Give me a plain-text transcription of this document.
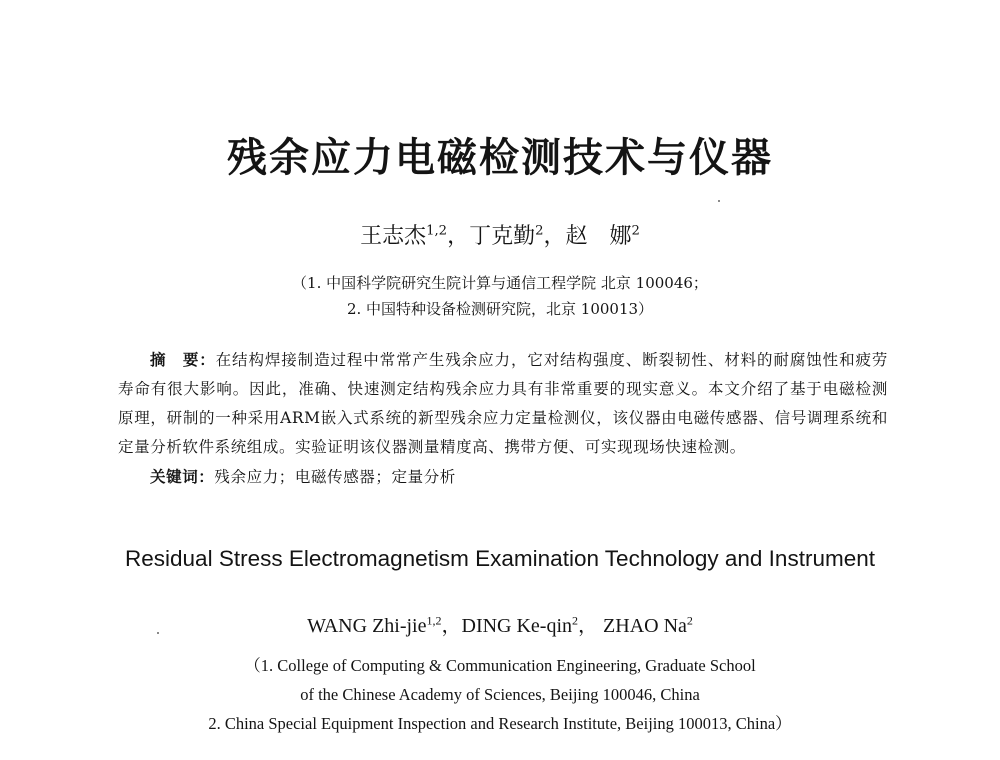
残余应力电磁检测技术与仪器
王志杰$^{1,2}$，丁克勤$^2$，赵　娜$^2$
（1. 中国科学院研究生院计算与通信工程学院 北京 100046；
2. 中国特种设备检测研究院，北京 100013）
摘　要：在结构焊接制造过程中常常产生残余应力，它对结构强度、断裂韧性、材料的耐腐蚀性和疲劳寿命有很大影响。因此，准确、快速测定结构残余应力具有非常重要的现实意义。本文介绍了基于电磁检测原理，研制的一种采用ARM嵌入式系统的新型残余应力定量检测仪，该仪器由电磁传感器、信号调理系统和定量分析软件系统组成。实验证明该仪器测量精度高、携带方便、可实现现场快速检测。
关键词：残余应力；电磁传感器；定量分析
Residual Stress Electromagnetism Examination Technology and Instrument
WANG Zhi-jie$^{1,2}$，DING Ke-qin$^2$， ZHAO Na$^2$
（1. College of Computing & Communication Engineering, Graduate School
of the Chinese Academy of Sciences, Beijing 100046, China
2. China Special Equipment Inspection and Research Institute, Beijing 100013, China）
